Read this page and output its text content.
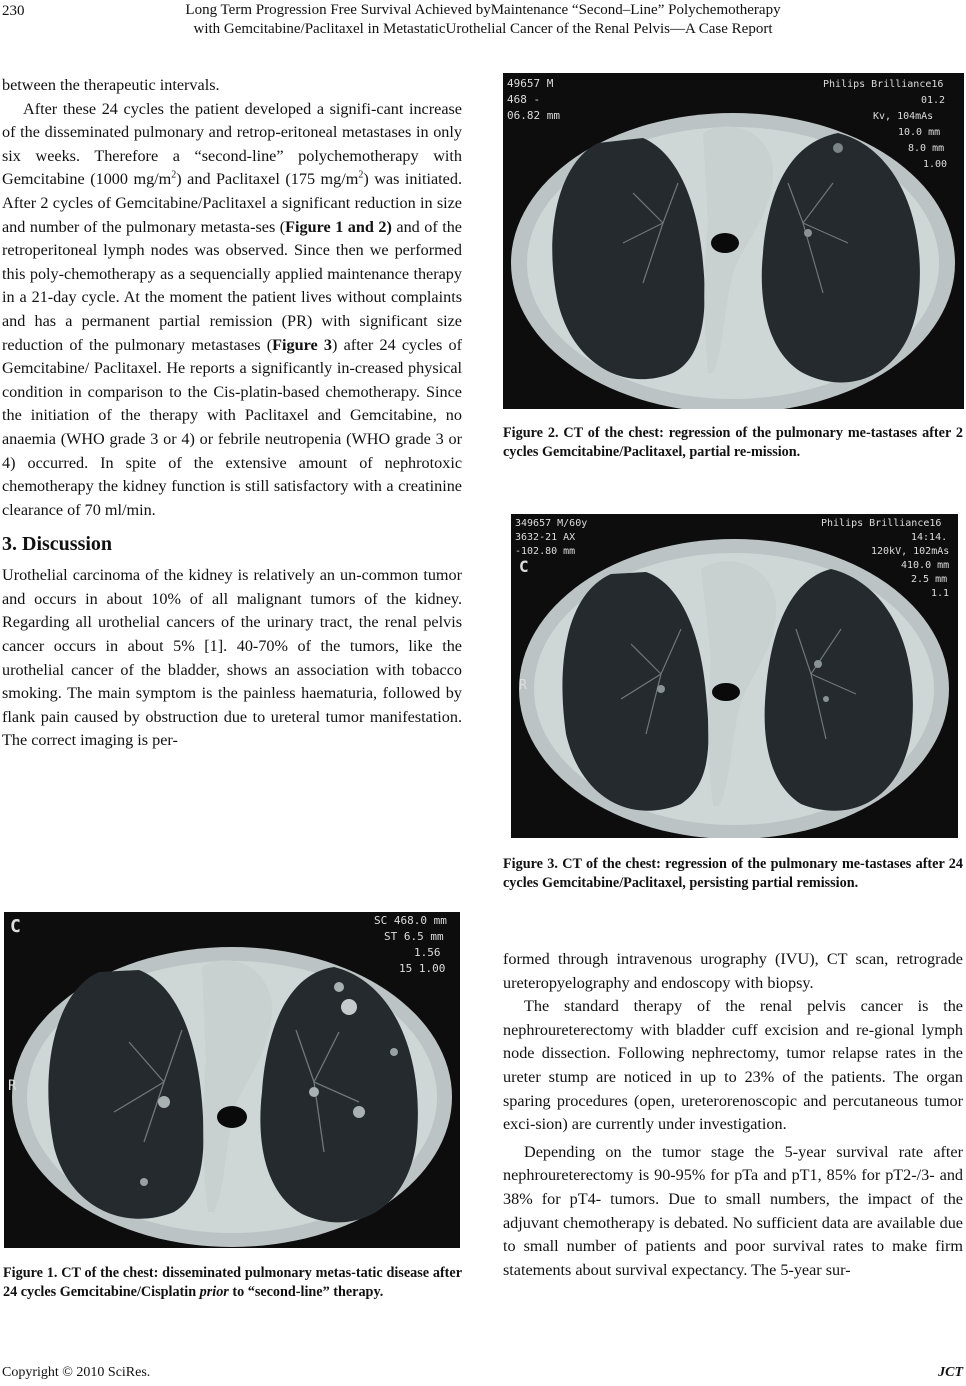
230	Long Term Progression Free Survival Achieved byMaintenance “Second–Line” Polychemotherapy
with Gemcitabine/Paclitaxel in MetastaticUrothelial Cancer of the Renal Pelvis—A Case Report

between the therapeutic intervals.

After these 24 cycles the patient developed a signifi-cant increase of the disseminated pulmonary and retrop-eritoneal metastases in only six weeks. Therefore a “second-line” polychemotherapy with Gemcitabine (1000 $mg/m^2$) and Paclitaxel (175 $mg/m^2$) was initiated. After 2 cycles of Gemcitabine/Paclitaxel a significant reduction in size and number of the pulmonary metasta-ses (Figure 1 and 2) and of the retroperitoneal lymph nodes was observed. Since then we performed this poly-chemotherapy as a sequencially applied maintenance therapy in a 21-day cycle. At the moment the patient lives without complaints and has a permanent partial remission (PR) with significant size reduction of the pulmonary metastases (Figure 3) after 24 cycles of Gemcitabine/ Paclitaxel. He reports a significantly in-creased physical condition in comparison to the Cis-platin-based chemotherapy. Since the initiation of the therapy with Paclitaxel and Gemcitabine, no anaemia (WHO grade 3 or 4) or febrile neutropenia (WHO grade 3 or 4) occurred. In spite of the extensive amount of nephrotoxic chemotherapy the kidney function is still satisfactory with a creatinine clearance of 70 ml/min.

3. Discussion

Urothelial carcinoma of the kidney is relatively an un-common tumor and occurs in about 10% of all malignant tumors of the kidney. Regarding all urothelial cancers of the urinary tract, the renal pelvis cancer occurs in about 5% [1]. 40-70% of the tumors, like the urothelial cancer of the bladder, shows an association with tobacco smoking. The main symptom is the painless haematuria, followed by flank pain caused by obstruction due to ureteral tumor manifestation. The correct imaging is per-

49657 M
468 -
06.82 mm
Philips Brilliance16
01.2
Kv, 104mAs
10.0 mm
8.0 mm
1.00
Figure 2. CT of the chest: regression of the pulmonary me-tastases after 2 cycles Gemcitabine/Paclitaxel, partial re-mission.
349657 M/60y
3632-21 AX
-102.80 mm
C
R
Philips Brilliance16
14:14.
120kV, 102mAs
410.0 mm
2.5 mm
1.1
Figure 3. CT of the chest: regression of the pulmonary me-tastases after 24 cycles Gemcitabine/Paclitaxel, persisting partial remission.
C
R
SC 468.0 mm
ST 6.5 mm
1.56
15 1.00
Figure 1. CT of the chest: disseminated pulmonary metas-tatic disease after 24 cycles Gemcitabine/Cisplatin prior to “second-line” therapy.

formed through intravenous urography (IVU), CT scan, retrograde ureteropyelography and endoscopy with biopsy.

The standard therapy of the renal pelvis cancer is the nephroureterectomy with bladder cuff excision and re-gional lymph node dissection. Following nephrectomy, tumor relapse rates in the ureter stump are noticed in up to 23% of the patients. The organ sparing procedures (open, ureterorenoscopic and percutaneous tumor exci-sion) are currently under investigation.

Depending on the tumor stage the 5-year survival rate after nephroureterectomy is 90-95% for pTa and pT1, 85% for pT2-/3- and 38% for pT4- tumors. Due to small numbers, the impact of the adjuvant chemotherapy is debated. No sufficient data are available due to small number of patients and poor survival rates to make firm statements about survival expectancy. The 5-year sur-

Copyright © 2010 SciRes.	JCT
